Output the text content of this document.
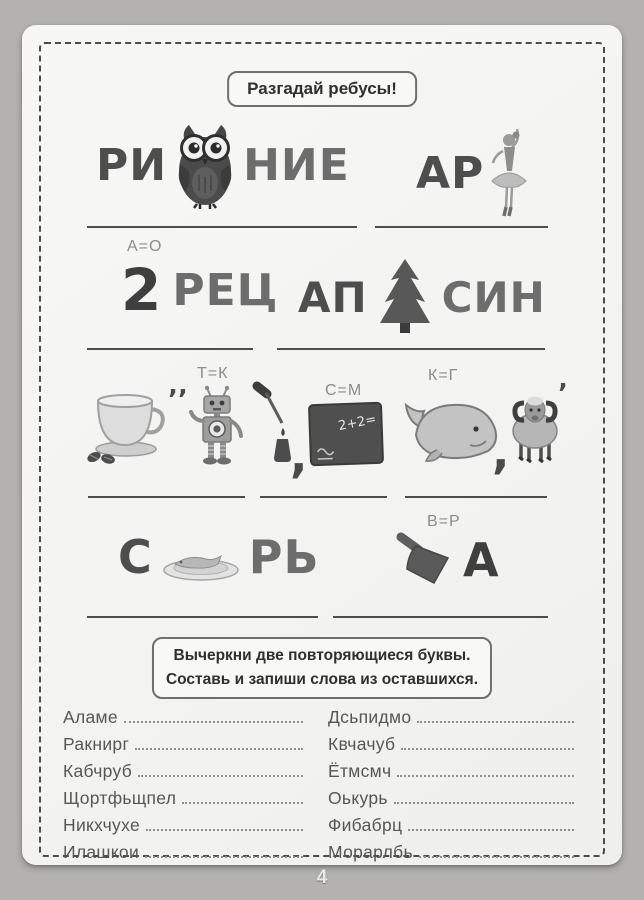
Разгадай ребусы!
РИ НИЕ АР
А=О
2 РЕЦ АП СИН
’’
Т=К
,
С=М
2+2=
К=Г
,
’
С РЬ
В=Р
А
Вычеркни две повторяющиеся буквы.
Составь и запиши слова из оставшихся.
Аламе
Ракнирг
Кабчруб
Щортфьщпел
Никхчухе
Илашкои
Дсьпидмо
Квчачуб
Ётмсмч
Оькурь
Фибабрц
Морарлбь
4
